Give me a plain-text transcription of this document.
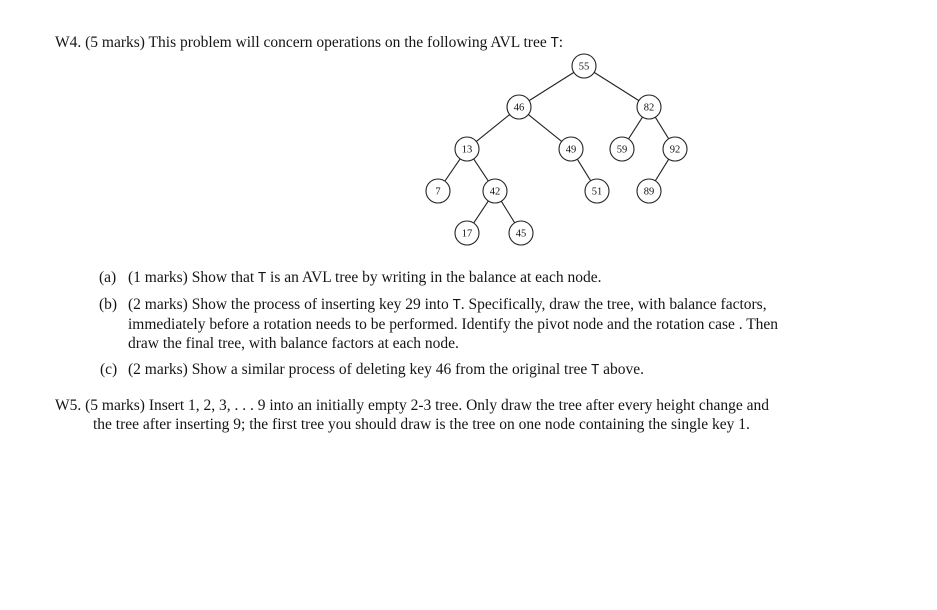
W4. (5 marks) This problem will concern operations on the following AVL tree T:
55
46	82
13	49	59	92
7	42	51	89
17	45
(a) (1 marks) Show that T is an AVL tree by writing in the balance at each node.
(b) (2 marks) Show the process of inserting key 29 into T. Specifically, draw the tree, with balance factors,
immediately before a rotation needs to be performed. Identify the pivot node and the rotation case . Then
draw the final tree, with balance factors at each node.
(c) (2 marks) Show a similar process of deleting key 46 from the original tree T above.
W5. (5 marks) Insert 1, 2, 3, . . . 9 into an initially empty 2-3 tree. Only draw the tree after every height change and
the tree after inserting 9; the first tree you should draw is the tree on one node containing the single key 1.
